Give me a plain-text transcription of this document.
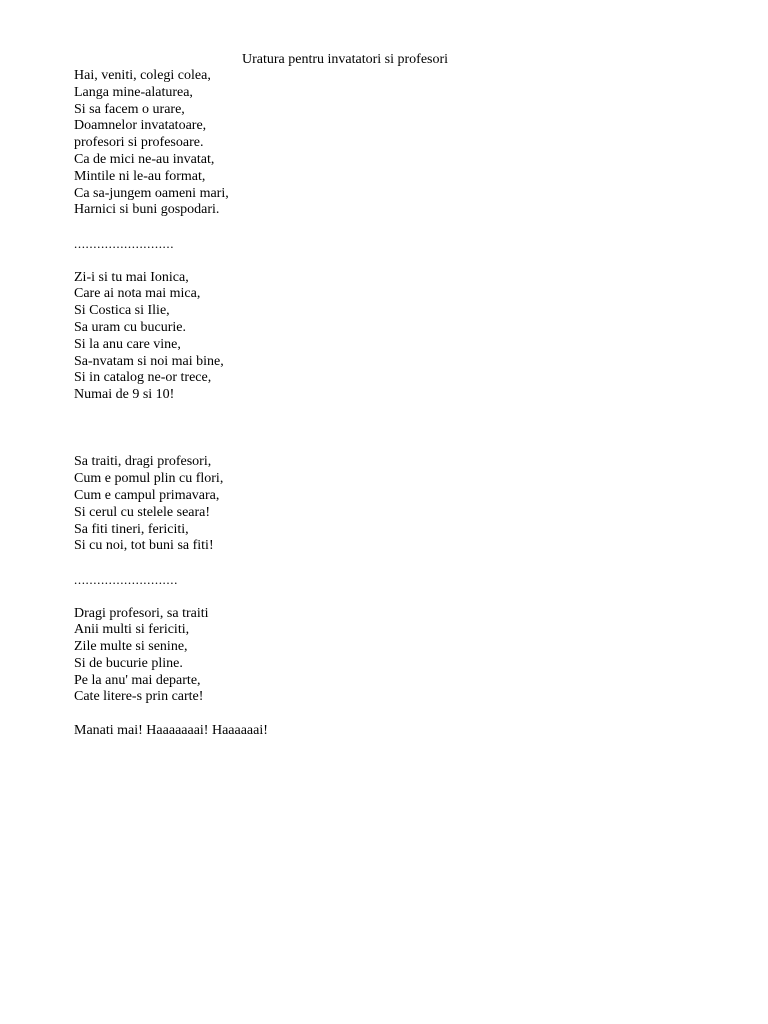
Uratura pentru invatatori si profesori
Hai, veniti, colegi colea,
Langa mine-alaturea,
Si sa facem o urare,
Doamnelor invatatoare,
profesori si profesoare.
Ca de mici ne-au invatat,
Mintile ni le-au format,
Ca sa-jungem oameni mari,
Harnici si buni gospodari.
..........................
Zi-i si tu mai Ionica,
Care ai nota mai mica,
Si Costica si Ilie,
Sa uram cu bucurie.
Si la anu care vine,
Sa-nvatam si noi mai bine,
Si in catalog ne-or trece,
Numai de 9 si 10!
Sa traiti, dragi profesori,
Cum e pomul plin cu flori,
Cum e campul primavara,
Si cerul cu stelele seara!
Sa fiti tineri, fericiti,
Si cu noi, tot buni sa fiti!
...........................
Dragi profesori, sa traiti
Anii multi si fericiti,
Zile multe si senine,
Si de bucurie pline.
Pe la anu' mai departe,
Cate litere-s prin carte!
Manati mai! Haaaaaaai! Haaaaaai!
